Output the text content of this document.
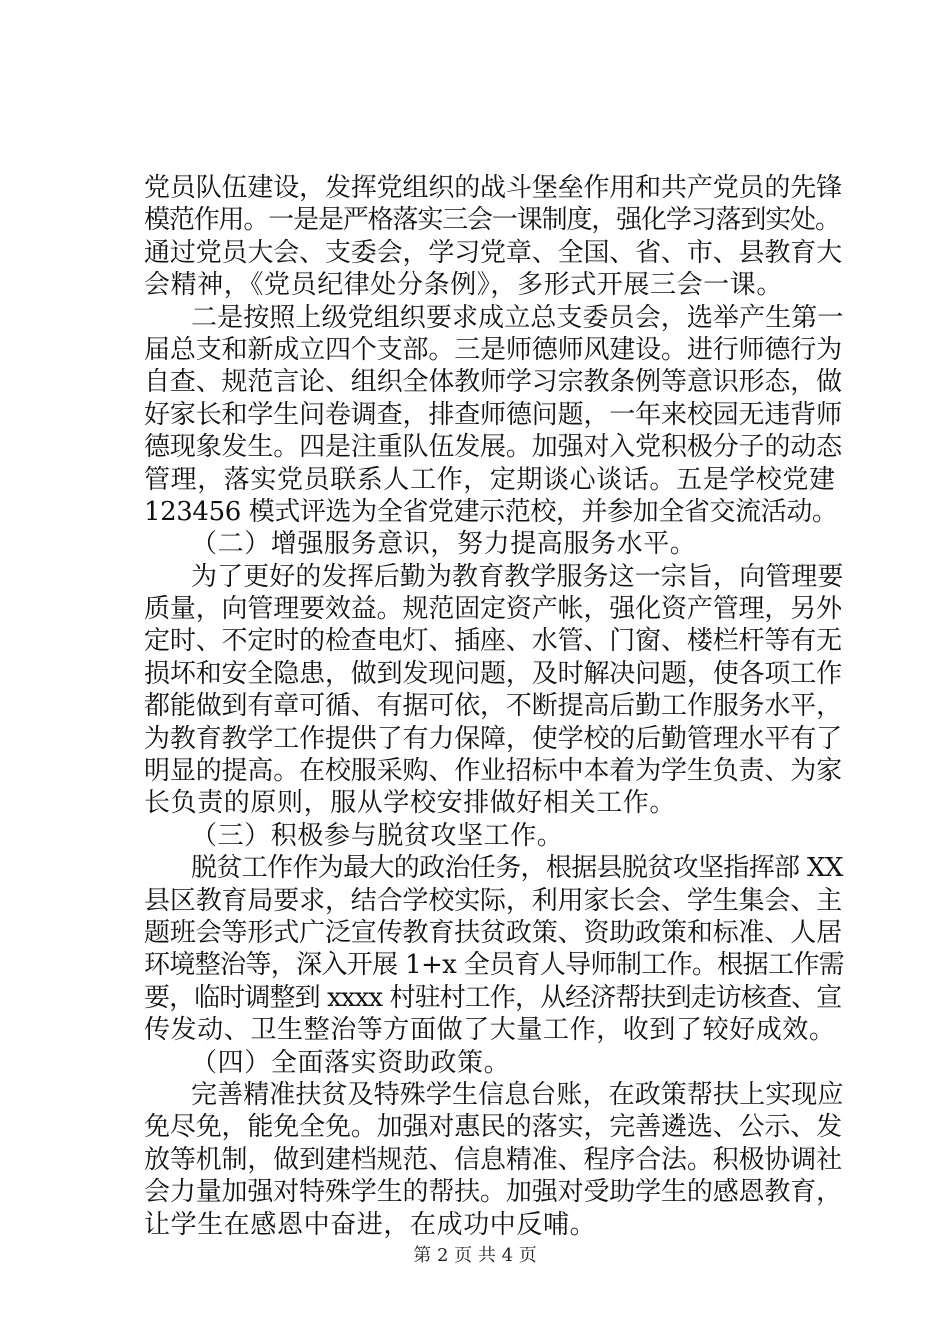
党员队伍建设，发挥党组织的战斗堡垒作用和共产党员的先锋
模范作用。一是是严格落实三会一课制度，强化学习落到实处。
通过党员大会、支委会，学习党章、全国、省、市、县教育大
会精神，《党员纪律处分条例》，多形式开展三会一课。
二是按照上级党组织要求成立总支委员会，选举产生第一
届总支和新成立四个支部。三是师德师风建设。进行师德行为
自查、规范言论、组织全体教师学习宗教条例等意识形态，做
好家长和学生问卷调查，排查师德问题，一年来校园无违背师
德现象发生。四是注重队伍发展。加强对入党积极分子的动态
管理，落实党员联系人工作，定期谈心谈话。五是学校党建
123456 模式评选为全省党建示范校，并参加全省交流活动。
（二）增强服务意识，努力提高服务水平。
为了更好的发挥后勤为教育教学服务这一宗旨，向管理要
质量，向管理要效益。规范固定资产帐，强化资产管理，另外
定时、不定时的检查电灯、插座、水管、门窗、楼栏杆等有无
损坏和安全隐患，做到发现问题，及时解决问题，使各项工作
都能做到有章可循、有据可依，不断提高后勤工作服务水平，
为教育教学工作提供了有力保障，使学校的后勤管理水平有了
明显的提高。在校服采购、作业招标中本着为学生负责、为家
长负责的原则，服从学校安排做好相关工作。
（三）积极参与脱贫攻坚工作。
脱贫工作作为最大的政治任务，根据县脱贫攻坚指挥部 XX
县区教育局要求，结合学校实际，利用家长会、学生集会、主
题班会等形式广泛宣传教育扶贫政策、资助政策和标准、人居
环境整治等，深入开展 1+x 全员育人导师制工作。根据工作需
要，临时调整到 xxxx 村驻村工作，从经济帮扶到走访核查、宣
传发动、卫生整治等方面做了大量工作，收到了较好成效。
（四）全面落实资助政策。
完善精准扶贫及特殊学生信息台账，在政策帮扶上实现应
免尽免，能免全免。加强对惠民的落实，完善遴选、公示、发
放等机制，做到建档规范、信息精准、程序合法。积极协调社
会力量加强对特殊学生的帮扶。加强对受助学生的感恩教育，
让学生在感恩中奋进，在成功中反哺。
第 2 页 共 4 页
